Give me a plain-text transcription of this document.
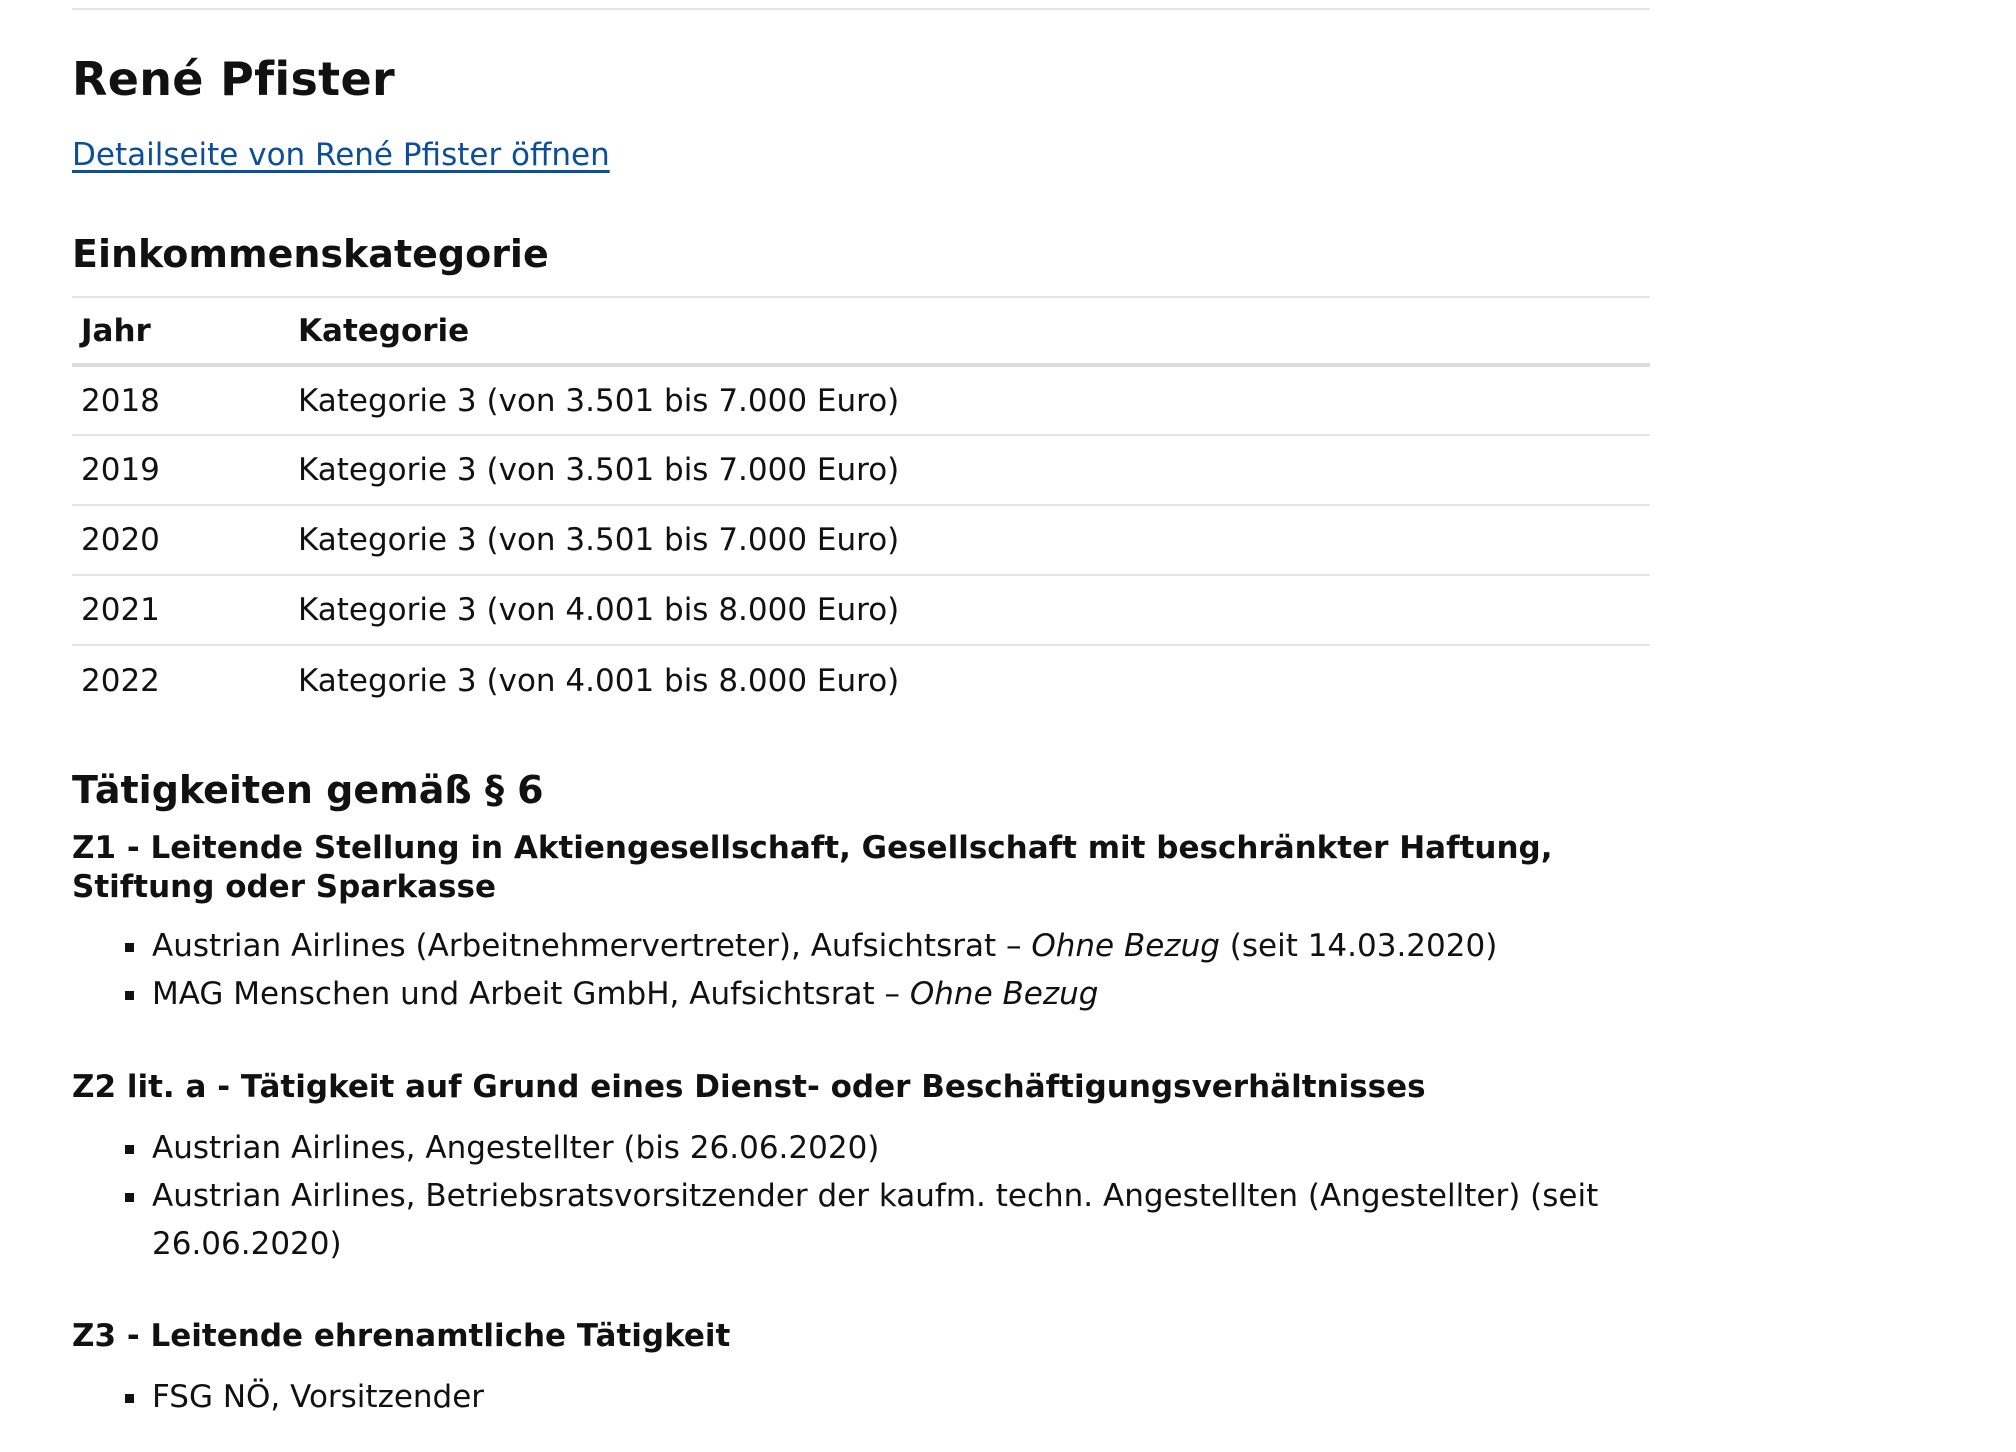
René Pfister
Detailseite von René Pfister öffnen
Einkommenskategorie
Jahr	Kategorie
2018	Kategorie 3 (von 3.501 bis 7.000 Euro)
2019	Kategorie 3 (von 3.501 bis 7.000 Euro)
2020	Kategorie 3 (von 3.501 bis 7.000 Euro)
2021	Kategorie 3 (von 4.001 bis 8.000 Euro)
2022	Kategorie 3 (von 4.001 bis 8.000 Euro)
Tätigkeiten gemäß § 6
Z1 - Leitende Stellung in Aktiengesellschaft, Gesellschaft mit beschränkter Haftung, Stiftung oder Sparkasse
Austrian Airlines (Arbeitnehmervertreter), Aufsichtsrat – Ohne Bezug (seit 14.03.2020)
MAG Menschen und Arbeit GmbH, Aufsichtsrat – Ohne Bezug
Z2 lit. a - Tätigkeit auf Grund eines Dienst- oder Beschäftigungsverhältnisses
Austrian Airlines, Angestellter (bis 26.06.2020)
Austrian Airlines, Betriebsratsvorsitzender der kaufm. techn. Angestellten (Angestellter) (seit 26.06.2020)
Z3 - Leitende ehrenamtliche Tätigkeit
FSG NÖ, Vorsitzender
